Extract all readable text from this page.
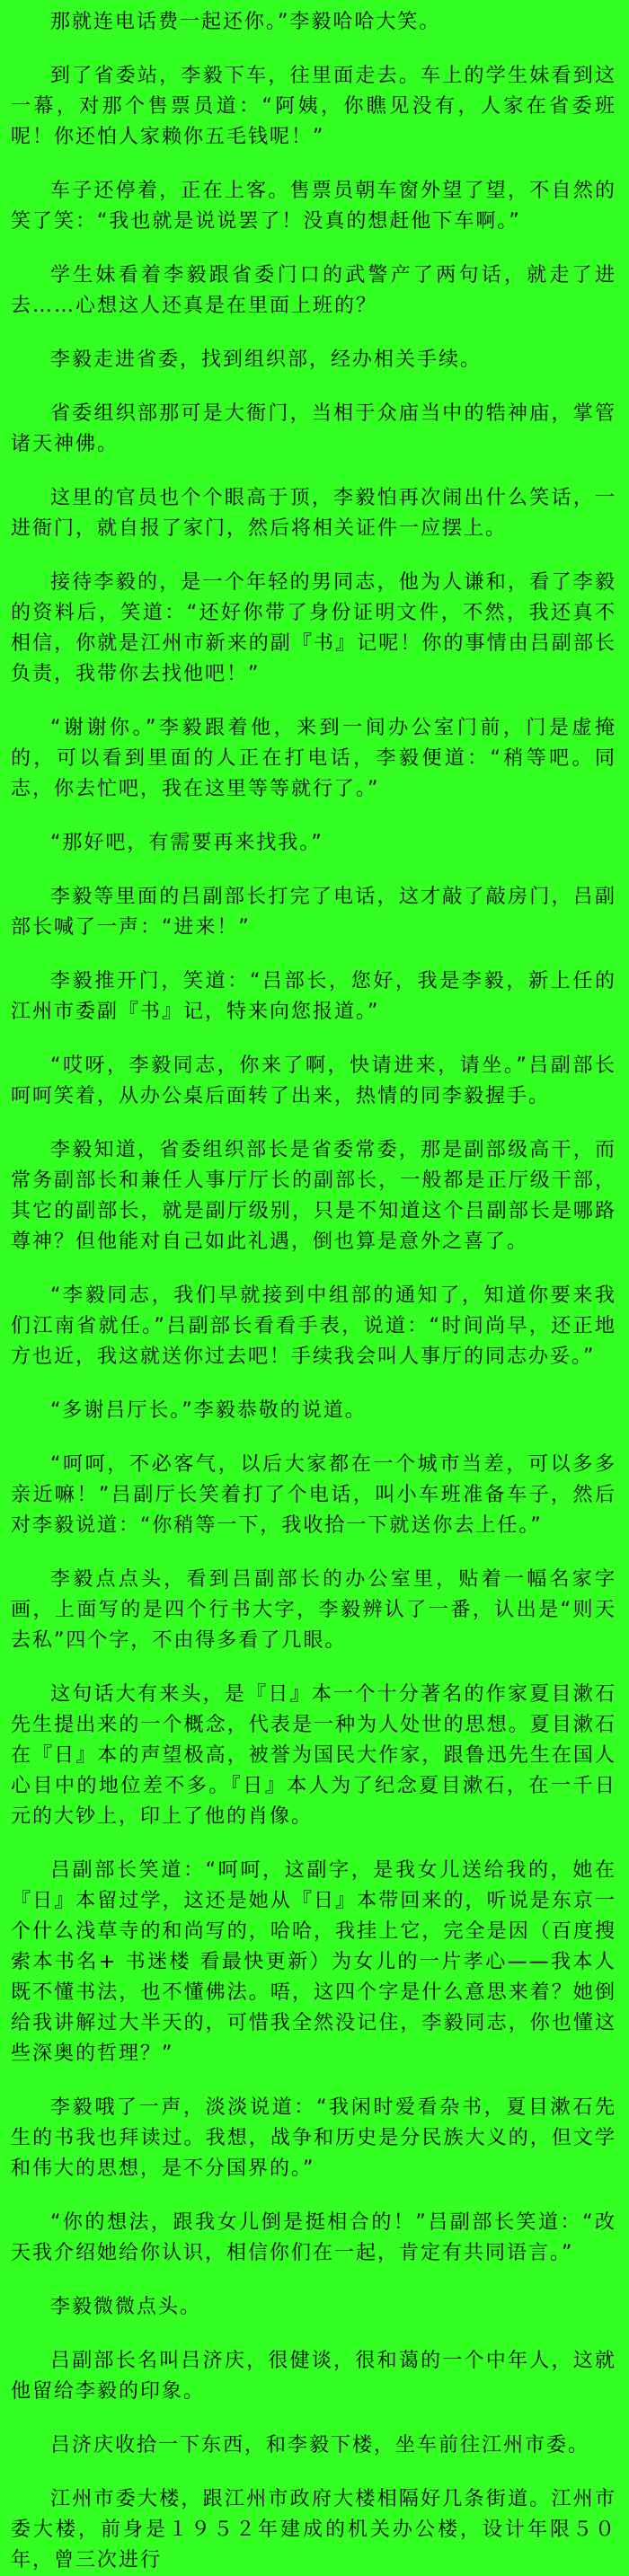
那就连电话费一起还你。”李毅哈哈大笑。

到了省委站，李毅下车，往里面走去。车上的学生妹看到这一幕，对那个售票员道：“阿姨，你瞧见没有，人家在省委班呢！你还怕人家赖你五毛钱呢！”

车子还停着，正在上客。售票员朝车窗外望了望，不自然的笑了笑：“我也就是说说罢了！没真的想赶他下车啊。”

学生妹看着李毅跟省委门口的武警产了两句话，就走了进去……心想这人还真是在里面上班的？

李毅走进省委，找到组织部，经办相关手续。

省委组织部那可是大衙门，当相于众庙当中的牿神庙，掌管诸天神佛。

这里的官员也个个眼高于顶，李毅怕再次闹出什么笑话，一进衙门，就自报了家门，然后将相关证件一应摆上。

接待李毅的，是一个年轻的男同志，他为人谦和，看了李毅的资料后，笑道：“还好你带了身份证明文件，不然，我还真不相信，你就是江州市新来的副『书』记呢！你的事情由吕副部长负责，我带你去找他吧！”

“谢谢你。”李毅跟着他，来到一间办公室门前，门是虚掩的，可以看到里面的人正在打电话，李毅便道：“稍等吧。同志，你去忙吧，我在这里等等就行了。”

“那好吧，有需要再来找我。”

李毅等里面的吕副部长打完了电话，这才敲了敲房门，吕副部长喊了一声：“进来！”

李毅推开门，笑道：“吕部长，您好，我是李毅，新上任的江州市委副『书』记，特来向您报道。”

“哎呀，李毅同志，你来了啊，快请进来，请坐。”吕副部长呵呵笑着，从办公桌后面转了出来，热情的同李毅握手。

李毅知道，省委组织部长是省委常委，那是副部级高干，而常务副部长和兼任人事厅厅长的副部长，一般都是正厅级干部，其它的副部长，就是副厅级别，只是不知道这个吕副部长是哪路尊神？但他能对自己如此礼遇，倒也算是意外之喜了。

“李毅同志，我们早就接到中组部的通知了，知道你要来我们江南省就任。”吕副部长看看手表，说道：“时间尚早，还正地方也近，我这就送你过去吧！手续我会叫人事厅的同志办妥。”

“多谢吕厅长。”李毅恭敬的说道。

“呵呵，不必客气，以后大家都在一个城市当差，可以多多亲近嘛！”吕副厅长笑着打了个电话，叫小车班准备车子，然后对李毅说道：“你稍等一下，我收拾一下就送你去上任。”

李毅点点头，看到吕副部长的办公室里，贴着一幅名家字画，上面写的是四个行书大字，李毅辨认了一番，认出是“则天去私”四个字，不由得多看了几眼。

这句话大有来头，是『日』本一个十分著名的作家夏目漱石先生提出来的一个概念，代表是一种为人处世的思想。夏目漱石在『日』本的声望极高，被誉为国民大作家，跟鲁迅先生在国人心目中的地位差不多。『日』本人为了纪念夏目漱石，在一千日元的大钞上，印上了他的肖像。

吕副部长笑道：“呵呵，这副字，是我女儿送给我的，她在『日』本留过学，这还是她从『日』本带回来的，听说是东京一个什么浅草寺的和尚写的，哈哈，我挂上它，完全是因（百度搜索本书名+ 书迷楼 看最快更新）为女儿的一片孝心——我本人既不懂书法，也不懂佛法。唔，这四个字是什么意思来着？她倒给我讲解过大半天的，可惜我全然没记住，李毅同志，你也懂这些深奥的哲理？”

李毅哦了一声，淡淡说道：“我闲时爱看杂书，夏目漱石先生的书我也拜读过。我想，战争和历史是分民族大义的，但文学和伟大的思想，是不分国界的。”

“你的想法，跟我女儿倒是挺相合的！”吕副部长笑道：“改天我介绍她给你认识，相信你们在一起，肯定有共同语言。”

李毅微微点头。

吕副部长名叫吕济庆，很健谈，很和蔼的一个中年人，这就他留给李毅的印象。

吕济庆收拾一下东西，和李毅下楼，坐车前往江州市委。

江州市委大楼，跟江州市政府大楼相隔好几条街道。江州市委大楼，前身是１９５２年建成的机关办公楼，设计年限５０年，曾三次进行
